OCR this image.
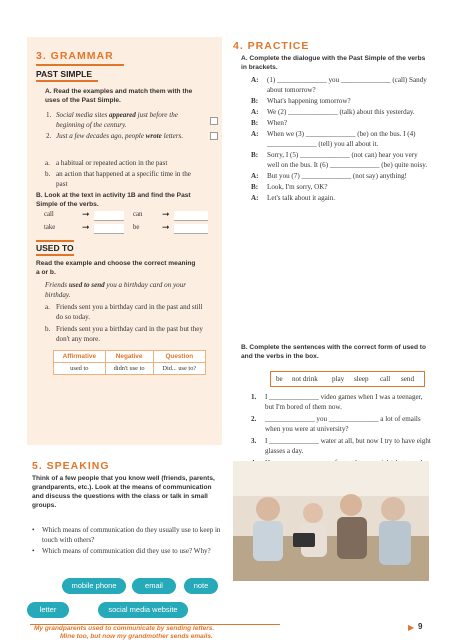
3. GRAMMAR
PAST SIMPLE
A. Read the examples and match them with the uses of the Past Simple.
1. Social media sites appeared just before the beginning of the century.
2. Just a few decades ago, people wrote letters.
a. a habitual or repeated action in the past
b. an action that happened at a specific time in the past
B. Look at the text in activity 1B and find the Past Simple of the verbs.
call	➞	can ➞
take	➞	be	➞
USED TO
Read the example and choose the correct meaning a or b.
Friends used to send you a birthday card on your birthday.
a. Friends sent you a birthday card in the past and still do so today.
b. Friends sent you a birthday card in the past but they don't any more.
Affirmative	Negative	Question
used to	didn't use to	Did... use to?
5. SPEAKING
Think of a few people that you know well (friends, parents, grandparents, etc.). Look at the means of communication and discuss the questions with the class or talk in small groups.
• Which means of communication do they usually use to keep in touch with others?
• Which means of communication did they use to use? Why?
mobile phone	email	note
letter	social media website
My grandparents used to communicate by sending letters.
4. PRACTICE
A. Complete the dialogue with the Past Simple of the verbs in brackets.
A: (1) ______________ you ______________ (call) Sandy about tomorrow?
B: What's happening tomorrow?
A: We (2) ______________ (talk) about this yesterday.
B: When?
A: When we (3) ______________ (be) on the bus. I (4) ______________ (tell) you all about it.
B: Sorry, I (5) ______________ (not can) hear you very well on the bus. It (6) ______________ (be) quite noisy.
A: But you (7) ______________ (not say) anything!
B: Look, I'm sorry, OK?
A: Let's talk about it again.
B. Complete the sentences with the correct form of used to and the verbs in the box.
be not drink play sleep call send
1. I ______________ video games when I was a teenager, but I'm bored of them now.
2. ______________ you ______________ a lot of emails when you were at university?
3. I ______________ water at all, but now I try to have eight glasses a day.
Mine too, but now my grandmother sends emails.
9
▶
